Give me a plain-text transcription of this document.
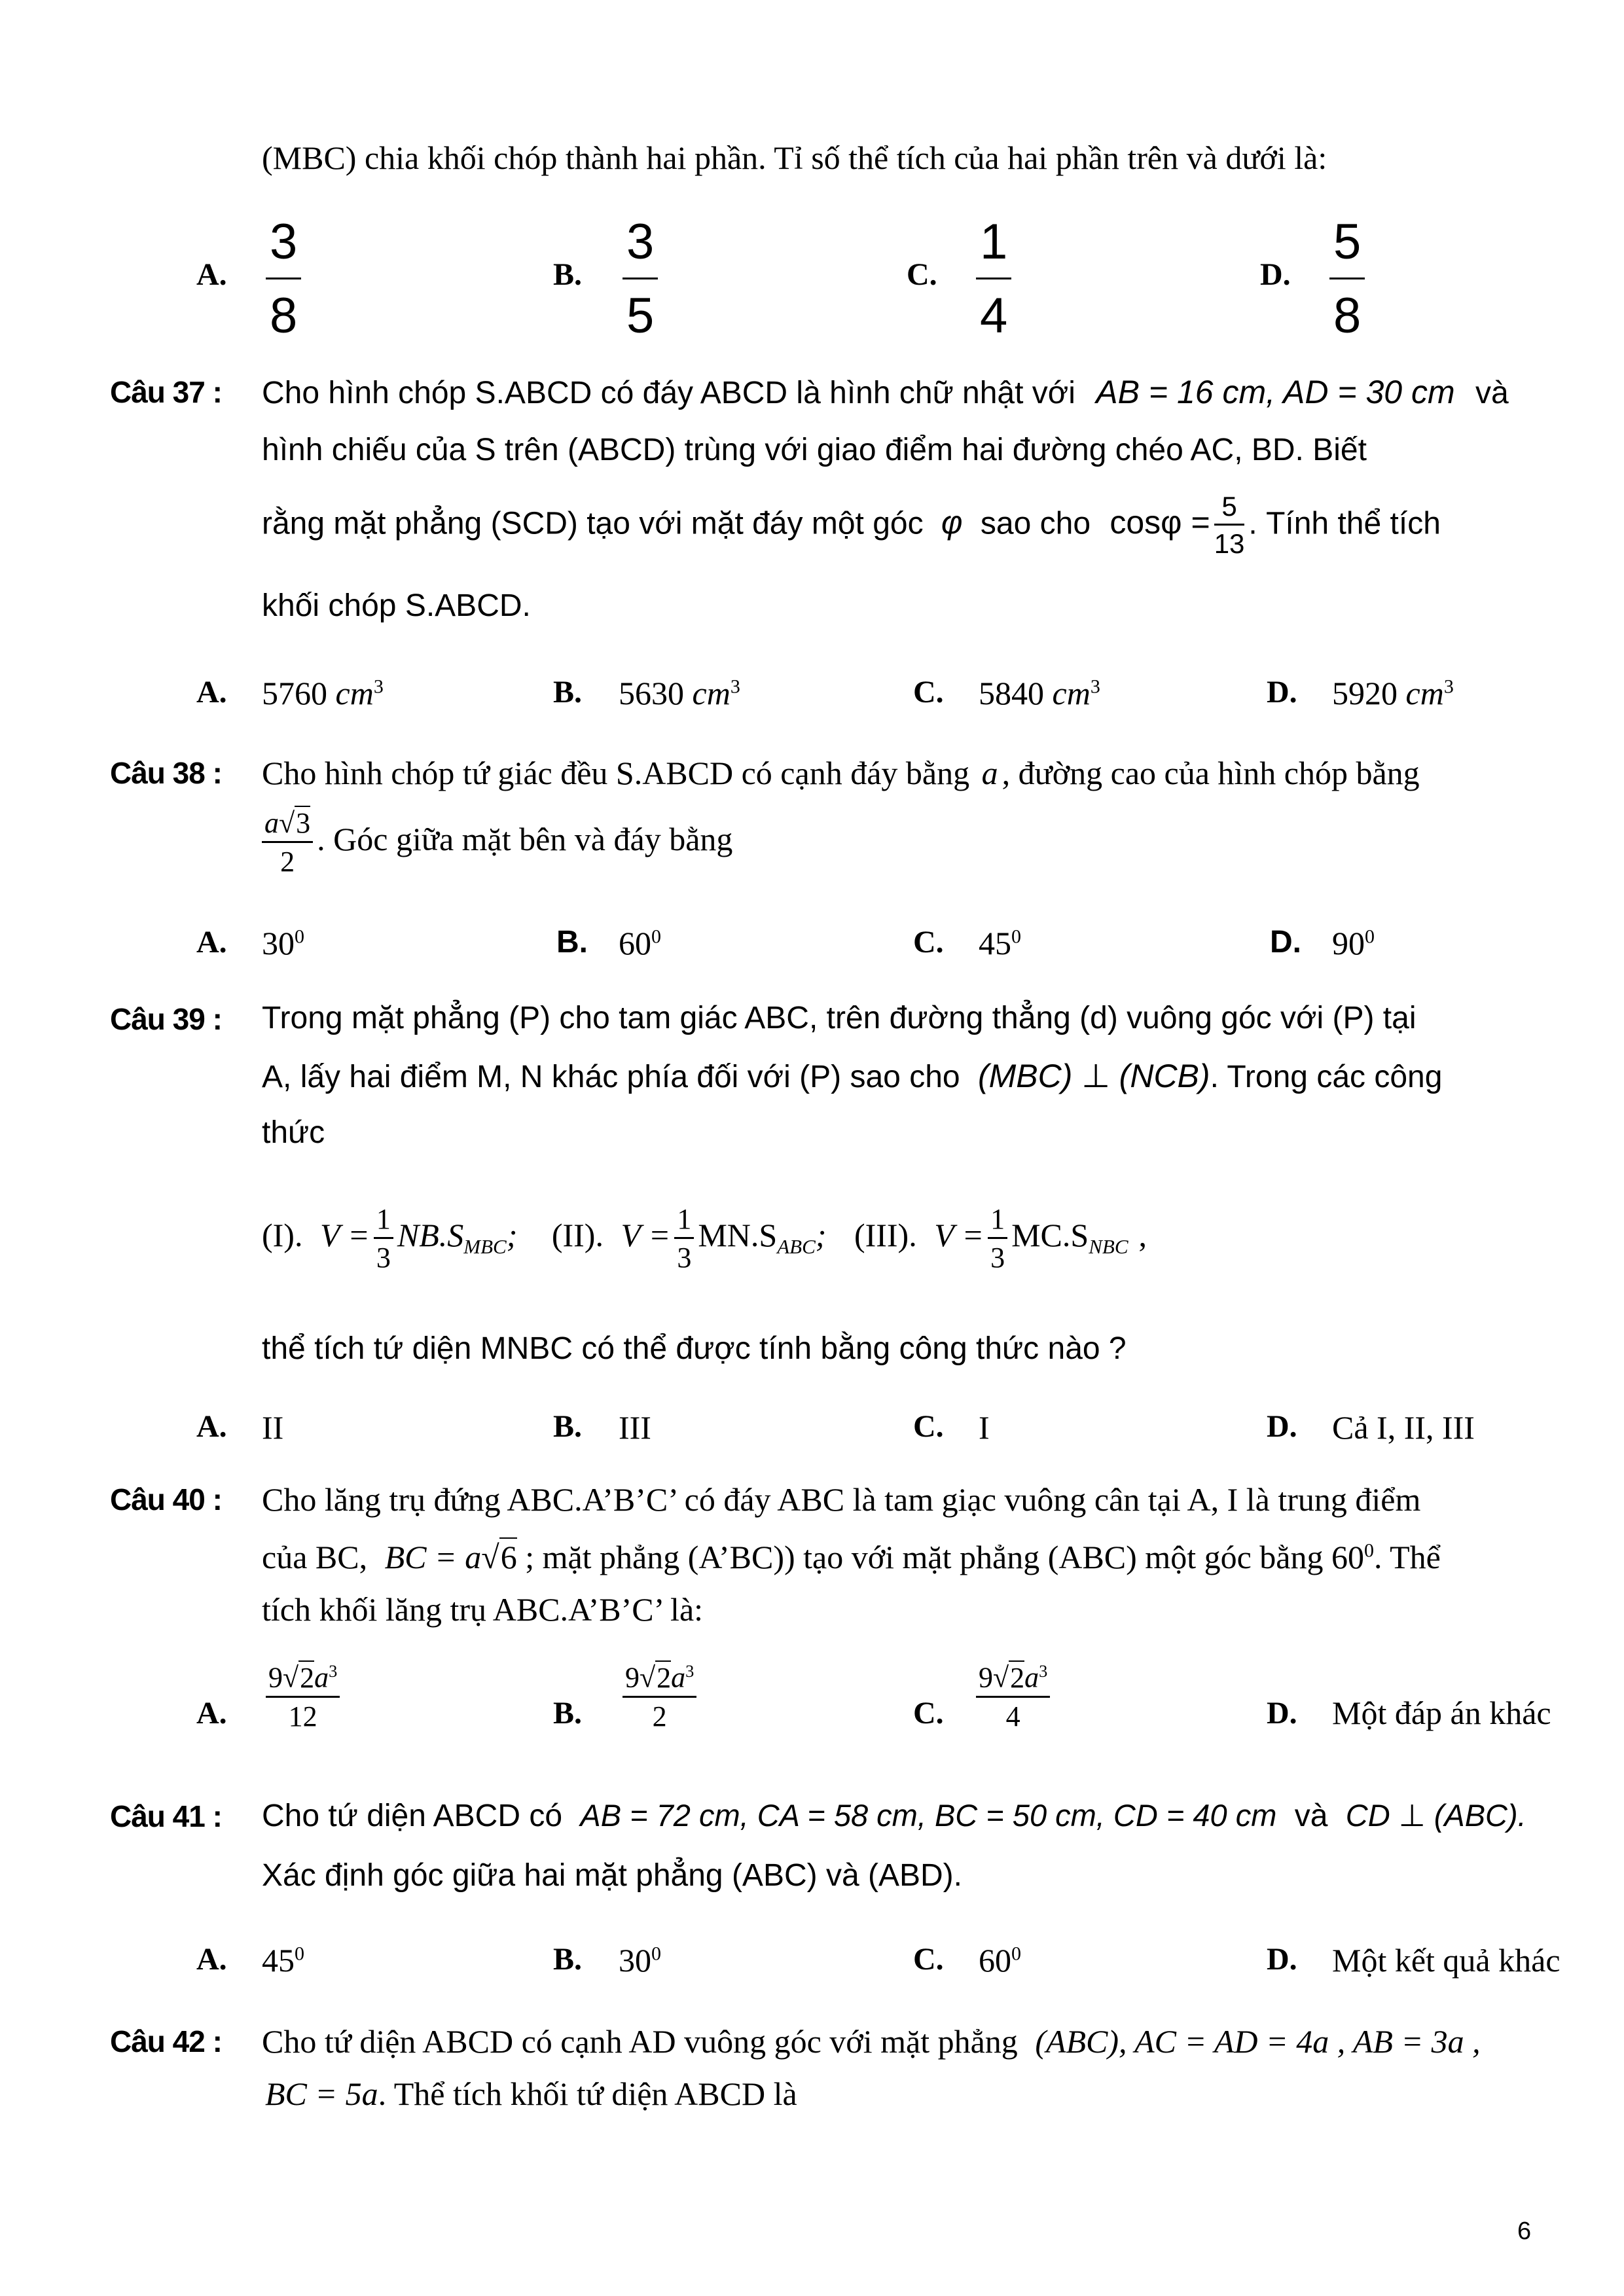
(MBC) chia khối chóp thành hai phần. Tỉ số thể tích của hai phần trên và dưới là:
A. $\frac{3}{8}$	B. $\frac{3}{5}$	C. $\frac{1}{4}$	D. $\frac{5}{8}$
Câu 37 : Cho hình chóp S.ABCD có đáy ABCD là hình chữ nhật với AB = 16 cm, AD = 30 cm và
hình chiếu của S trên (ABCD) trùng với giao điểm hai đường chéo AC, BD. Biết
rằng mặt phẳng (SCD) tạo với mặt đáy một góc φ sao cho $\cos\varphi = \frac{5}{13}$ . Tính thể tích
khối chóp S.ABCD.
A. 5760 $cm^3$	B. 5630 $cm^3$	C. 5840 $cm^3$	D. 5920 $cm^3$
Câu 38 : Cho hình chóp tứ giác đều S.ABCD có cạnh đáy bằng a , đường cao của hình chóp bằng
$\frac{a√3}{2}$ . Góc giữa mặt bên và đáy bằng
A. $30^0$	B. $60^0$	C. $45^0$	D. $90^0$
Câu 39 : Trong mặt phẳng (P) cho tam giác ABC, trên đường thẳng (d) vuông góc với (P) tại
A, lấy hai điểm M, N khác phía đối với (P) sao cho (MBC) ⊥ (NCB). Trong các công
thức
(I). $V = \frac{1}{3} NB.S_{MBC}$; (II). $V = \frac{1}{3} MN.S_{ABC}$; (III). $V = \frac{1}{3} MC.S_{NBC}$ ,
thể tích tứ diện MNBC có thể được tính bằng công thức nào ?
A. II	B. III	C. I	D. Cả I, II, III
Câu 40 : Cho lăng trụ đứng ABC.A’B’C’ có đáy ABC là tam giạc vuông cân tại A, I là trung điểm
của BC, BC = a√6 ; mặt phẳng (A’BC)) tạo với mặt phẳng (ABC) một góc bằng $60^0$. Thể
tích khối lăng trụ ABC.A’B’C’ là:
A. $\frac{9√2a^3}{12}$	B. $\frac{9√2a^3}{2}$	C. $\frac{9√2a^3}{4}$	D. Một đáp án khác
Câu 41 : Cho tứ diện ABCD có AB = 72 cm, CA = 58 cm, BC = 50 cm, CD = 40 cm và CD ⊥ (ABC).
Xác định góc giữa hai mặt phẳng (ABC) và (ABD).
A. $45^0$	B. $30^0$	C. $60^0$	D. Một kết quả khác
Câu 42 : Cho tứ diện ABCD có cạnh AD vuông góc với mặt phẳng (ABC), AC = AD = 4a , AB = 3a ,
BC = 5a. Thể tích khối tứ diện ABCD là
6
